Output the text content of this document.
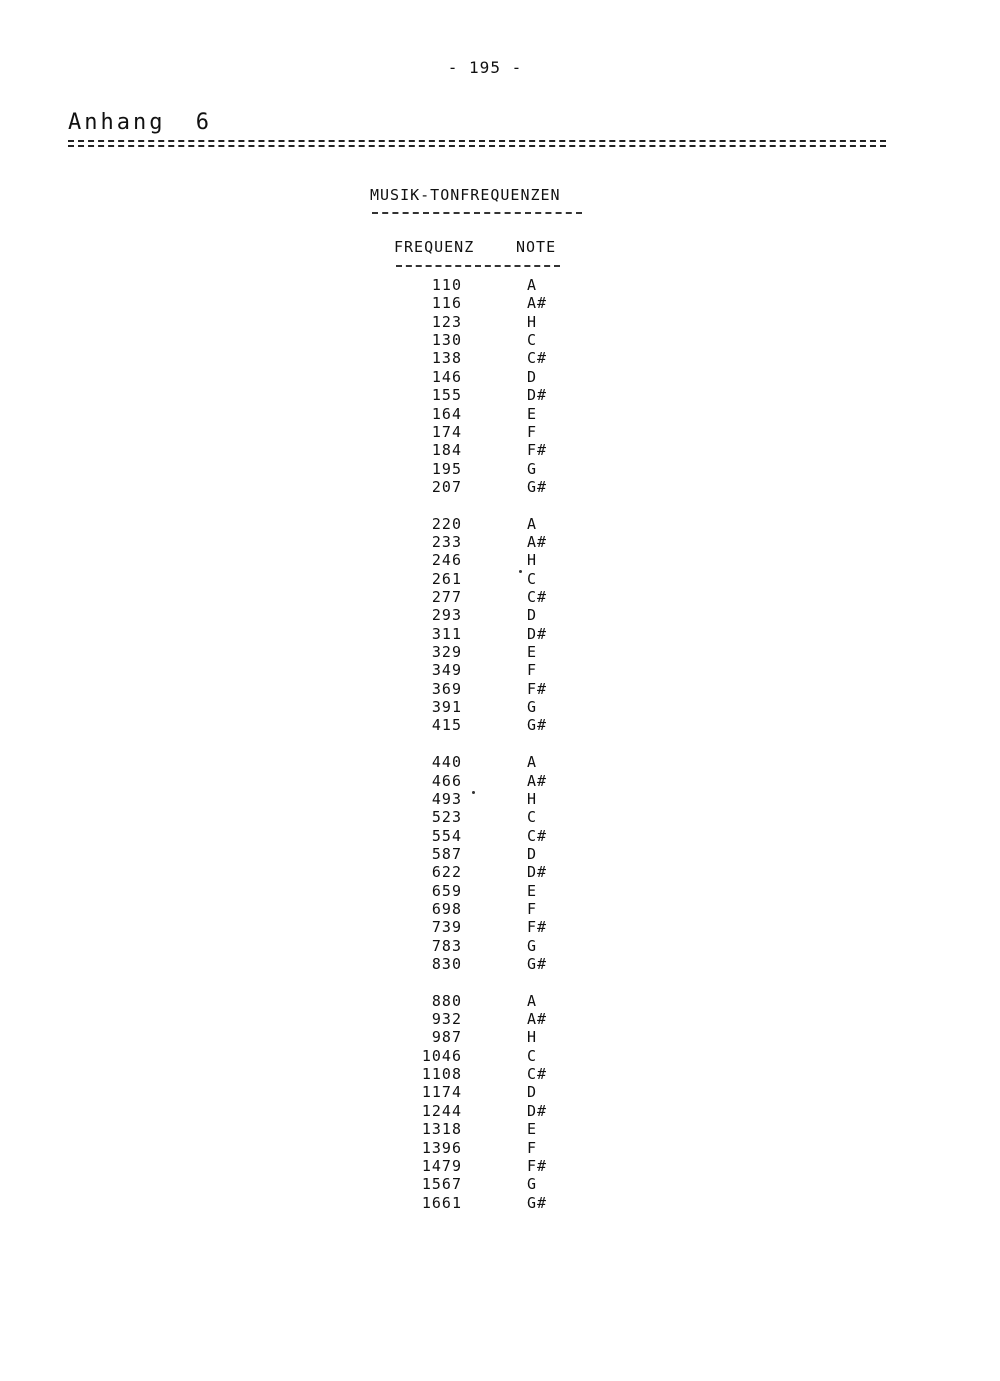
- 195 -
Anhang 6
MUSIK-TONFREQUENZEN
FREQUENZ	NOTE
110	A
116	A#
123	H
130	C
138	C#
146	D
155	D#
164	E
174	F
184	F#
195	G
207	G#
220	A
233	A#
246	H
261	C
277	C#
293	D
311	D#
329	E
349	F
369	F#
391	G
415	G#
440	A
466	A#
493	H
523	C
554	C#
587	D
622	D#
659	E
698	F
739	F#
783	G
830	G#
880	A
932	A#
987	H
1046	C
1108	C#
1174	D
1244	D#
1318	E
1396	F
1479	F#
1567	G
1661	G#
